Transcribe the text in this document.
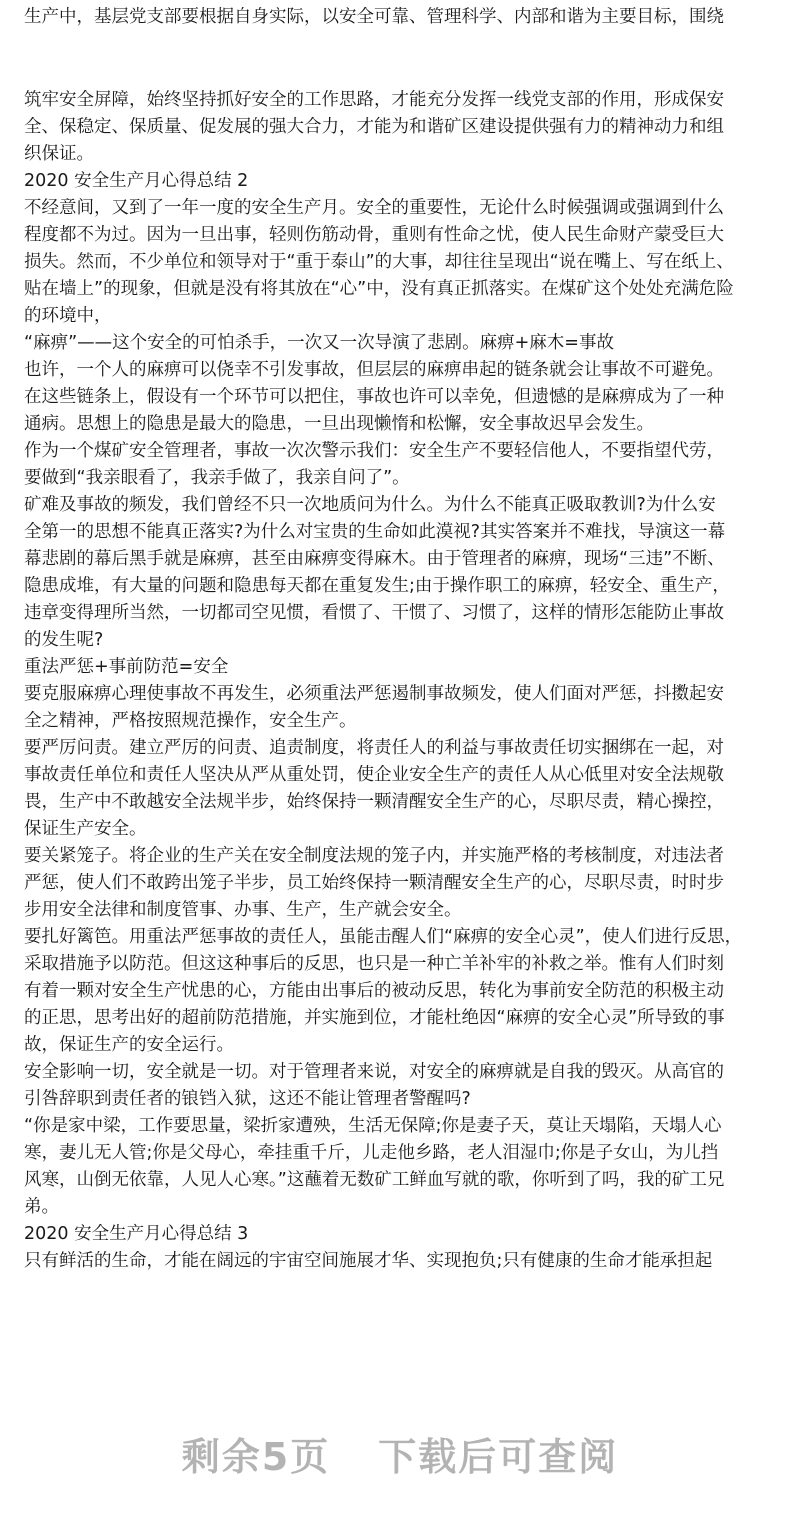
生产中，基层党支部要根据自身实际，以安全可靠、管理科学、内部和谐为主要目标，围绕

筑牢安全屏障，始终坚持抓好安全的工作思路，才能充分发挥一线党支部的作用，形成保安

全、保稳定、保质量、促发展的强大合力，才能为和谐矿区建设提供强有力的精神动力和组

织保证。

2020 安全生产月心得总结 2

不经意间，又到了一年一度的安全生产月。安全的重要性，无论什么时候强调或强调到什么

程度都不为过。因为一旦出事，轻则伤筋动骨，重则有性命之忧，使人民生命财产蒙受巨大

损失。然而，不少单位和领导对于“重于泰山”的大事，却往往呈现出“说在嘴上、写在纸上、

贴在墙上”的现象，但就是没有将其放在“心”中，没有真正抓落实。在煤矿这个处处充满危险

的环境中，

“麻痹”——这个安全的可怕杀手，一次又一次导演了悲剧。麻痹+麻木=事故

也许，一个人的麻痹可以侥幸不引发事故，但层层的麻痹串起的链条就会让事故不可避免。

在这些链条上，假设有一个环节可以把住，事故也许可以幸免，但遗憾的是麻痹成为了一种

通病。思想上的隐患是最大的隐患，一旦出现懒惰和松懈，安全事故迟早会发生。

作为一个煤矿安全管理者，事故一次次警示我们：安全生产不要轻信他人，不要指望代劳，

要做到“我亲眼看了，我亲手做了，我亲自问了”。

矿难及事故的频发，我们曾经不只一次地质问为什么。为什么不能真正吸取教训?为什么安

全第一的思想不能真正落实?为什么对宝贵的生命如此漠视?其实答案并不难找，导演这一幕

幕悲剧的幕后黑手就是麻痹，甚至由麻痹变得麻木。由于管理者的麻痹，现场“三违”不断、

隐患成堆，有大量的问题和隐患每天都在重复发生;由于操作职工的麻痹，轻安全、重生产，

违章变得理所当然，一切都司空见惯，看惯了、干惯了、习惯了，这样的情形怎能防止事故

的发生呢?

重法严惩+事前防范=安全

要克服麻痹心理使事故不再发生，必须重法严惩遏制事故频发，使人们面对严惩，抖擞起安

全之精神，严格按照规范操作，安全生产。

要严厉问责。建立严厉的问责、追责制度，将责任人的利益与事故责任切实捆绑在一起，对

事故责任单位和责任人坚决从严从重处罚，使企业安全生产的责任人从心低里对安全法规敬

畏，生产中不敢越安全法规半步，始终保持一颗清醒安全生产的心，尽职尽责，精心操控，

保证生产安全。

要关紧笼子。将企业的生产关在安全制度法规的笼子内，并实施严格的考核制度，对违法者

严惩，使人们不敢跨出笼子半步，员工始终保持一颗清醒安全生产的心，尽职尽责，时时步

步用安全法律和制度管事、办事、生产，生产就会安全。

要扎好篱笆。用重法严惩事故的责任人，虽能击醒人们“麻痹的安全心灵”，使人们进行反思，

采取措施予以防范。但这这种事后的反思，也只是一种亡羊补牢的补救之举。惟有人们时刻

有着一颗对安全生产忧患的心，方能由出事后的被动反思，转化为事前安全防范的积极主动

的正思，思考出好的超前防范措施，并实施到位，才能杜绝因“麻痹的安全心灵”所导致的事

故，保证生产的安全运行。

安全影响一切，安全就是一切。对于管理者来说，对安全的麻痹就是自我的毁灭。从高官的

引咎辞职到责任者的锒铛入狱，这还不能让管理者警醒吗?

“你是家中梁，工作要思量，梁折家遭殃，生活无保障;你是妻子天，莫让天塌陷，天塌人心

寒，妻儿无人管;你是父母心，牵挂重千斤，儿走他乡路，老人泪湿巾;你是子女山，为儿挡

风寒，山倒无依靠，人见人心寒。”这蘸着无数矿工鲜血写就的歌，你听到了吗，我的矿工兄

弟。

2020 安全生产月心得总结 3

只有鲜活的生命，才能在阔远的宇宙空间施展才华、实现抱负;只有健康的生命才能承担起

剩余5页 下载后可查阅
